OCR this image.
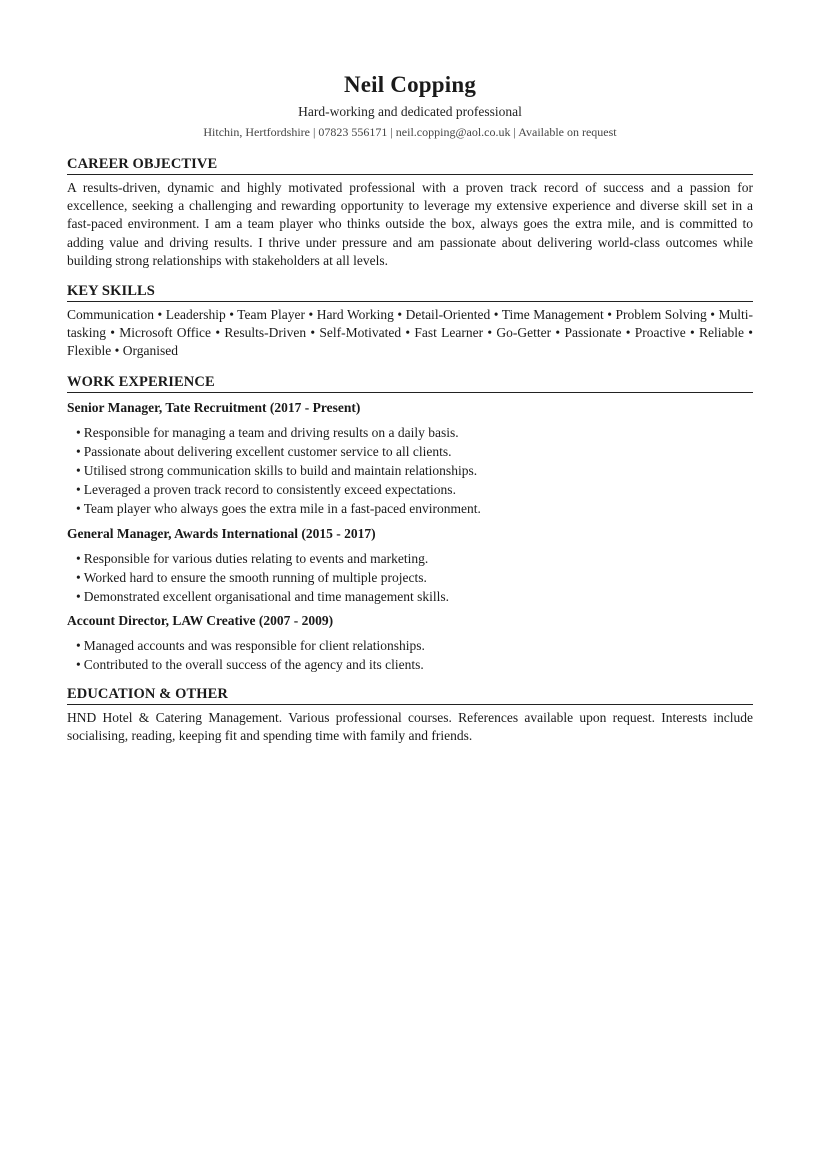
Neil Copping
Hard-working and dedicated professional
Hitchin, Hertfordshire | 07823 556171 | neil.copping@aol.co.uk | Available on request
CAREER OBJECTIVE

A results-driven, dynamic and highly motivated professional with a proven track record of success and a passion for excellence, seeking a challenging and rewarding opportunity to leverage my extensive experience and diverse skill set in a fast-paced environment. I am a team player who thinks outside the box, always goes the extra mile, and is committed to adding value and driving results. I thrive under pressure and am passionate about delivering world-class outcomes while building strong relationships with stakeholders at all levels.

KEY SKILLS

Communication • Leadership • Team Player • Hard Working • Detail-Oriented • Time Management • Problem Solving • Multi-tasking • Microsoft Office • Results-Driven • Self-Motivated • Fast Learner • Go-Getter • Passionate • Proactive • Reliable • Flexible • Organised

WORK EXPERIENCE
Senior Manager, Tate Recruitment (2017 - Present)
• Responsible for managing a team and driving results on a daily basis.
• Passionate about delivering excellent customer service to all clients.
• Utilised strong communication skills to build and maintain relationships.
• Leveraged a proven track record to consistently exceed expectations.
• Team player who always goes the extra mile in a fast-paced environment.
General Manager, Awards International (2015 - 2017)
• Responsible for various duties relating to events and marketing.
• Worked hard to ensure the smooth running of multiple projects.
• Demonstrated excellent organisational and time management skills.
Account Director, LAW Creative (2007 - 2009)
• Managed accounts and was responsible for client relationships.
• Contributed to the overall success of the agency and its clients.
EDUCATION & OTHER

HND Hotel & Catering Management. Various professional courses. References available upon request. Interests include socialising, reading, keeping fit and spending time with family and friends.
